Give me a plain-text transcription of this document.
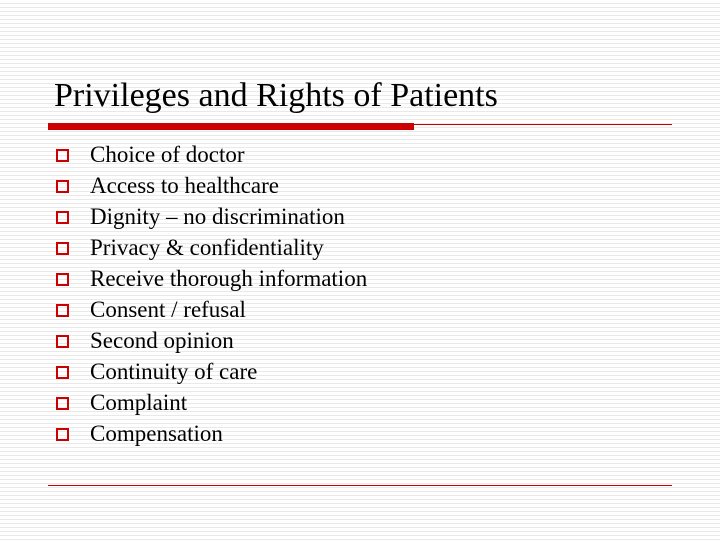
Privileges and Rights of Patients
Choice of doctor
Access to healthcare
Dignity – no discrimination
Privacy & confidentiality
Receive thorough information
Consent / refusal
Second opinion
Continuity of care
Complaint
Compensation
